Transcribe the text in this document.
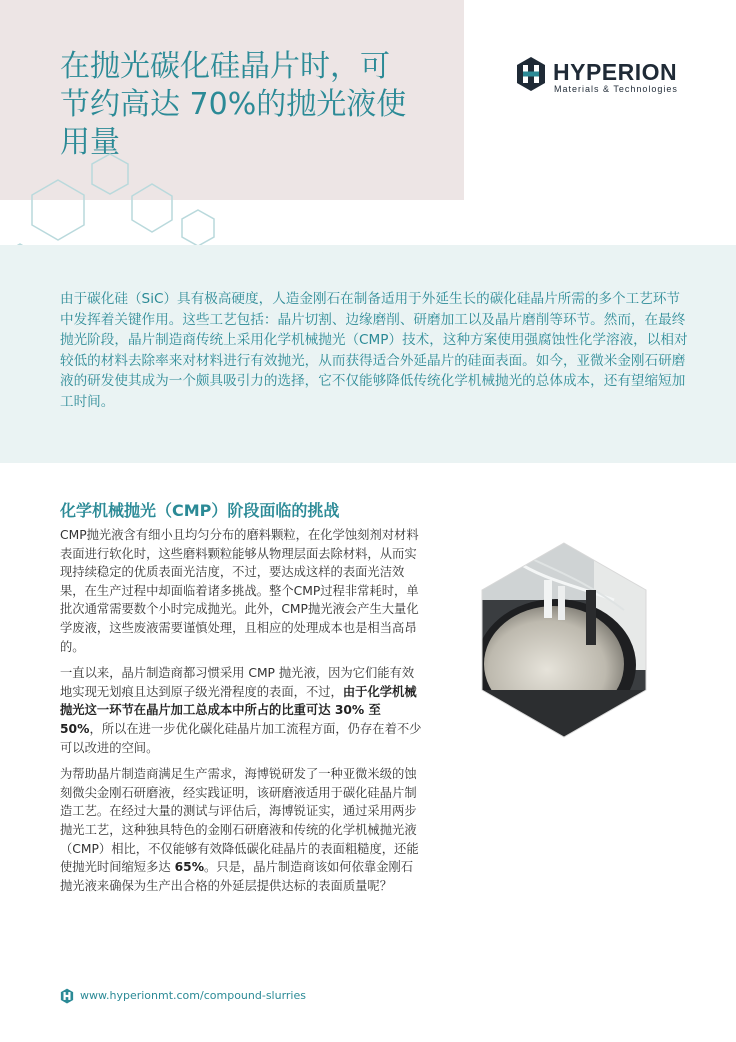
在抛光碳化硅晶片时，可
节约高达 70%的抛光液使
用量
HYPERION
Materials & Technologies

由于碳化硅（SiC）具有极高硬度，人造金刚石在制备适用于外延生长的碳化硅晶片所需的多个工艺环节中发挥着关键作用。这些工艺包括：晶片切割、边缘磨削、研磨加工以及晶片磨削等环节。然而，在最终抛光阶段，晶片制造商传统上采用化学机械抛光（CMP）技术，这种方案使用强腐蚀性化学溶液，以相对较低的材料去除率来对材料进行有效抛光，从而获得适合外延晶片的硅面表面。如今，亚微米金刚石研磨液的研发使其成为一个颇具吸引力的选择，它不仅能够降低传统化学机械抛光的总体成本，还有望缩短加工时间。

化学机械抛光（CMP）阶段面临的挑战

CMP抛光液含有细小且均匀分布的磨料颗粒，在化学蚀刻剂对材料表面进行软化时，这些磨料颗粒能够从物理层面去除材料，从而实现持续稳定的优质表面光洁度，不过，要达成这样的表面光洁效果，在生产过程中却面临着诸多挑战。整个CMP过程非常耗时，单批次通常需要数个小时完成抛光。此外，CMP抛光液会产生大量化学废液，这些废液需要谨慎处理，且相应的处理成本也是相当高昂的。

一直以来，晶片制造商都习惯采用 CMP 抛光液，因为它们能有效地实现无划痕且达到原子级光滑程度的表面，不过，由于化学机械抛光这一环节在晶片加工总成本中所占的比重可达 30% 至 50%，所以在进一步优化碳化硅晶片加工流程方面，仍存在着不少可以改进的空间。

为帮助晶片制造商满足生产需求，海博锐研发了一种亚微米级的蚀刻微尖金刚石研磨液，经实践证明，该研磨液适用于碳化硅晶片制造工艺。在经过大量的测试与评估后，海博锐证实，通过采用两步抛光工艺，这种独具特色的金刚石研磨液和传统的化学机械抛光液（CMP）相比，不仅能够有效降低碳化硅晶片的表面粗糙度，还能使抛光时间缩短多达 65%。只是，晶片制造商该如何依靠金刚石抛光液来确保为生产出合格的外延层提供达标的表面质量呢？

www.hyperionmt.com/compound-slurries
